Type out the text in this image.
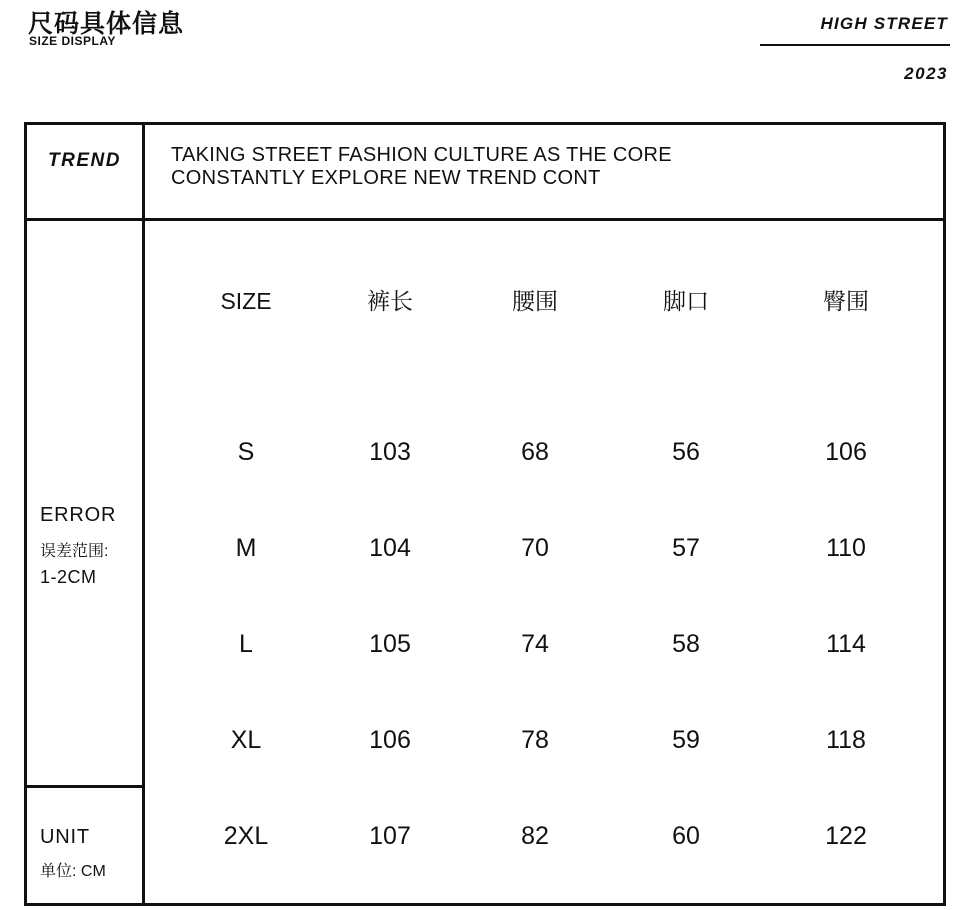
尺码具体信息
SIZE DISPLAY
HIGH STREET
2023
TREND	TAKING STREET FASHION CULTURE AS THE CORE
CONSTANTLY EXPLORE NEW TREND CONT
ERROR
误差范围:
1-2CM
UNIT
单位: CM
SIZE	裤长	腰围	脚口	臀围
S	103	68	56	106
M	104	70	57	110
L	105	74	58	114
XL	106	78	59	118
2XL	107	82	60	122
